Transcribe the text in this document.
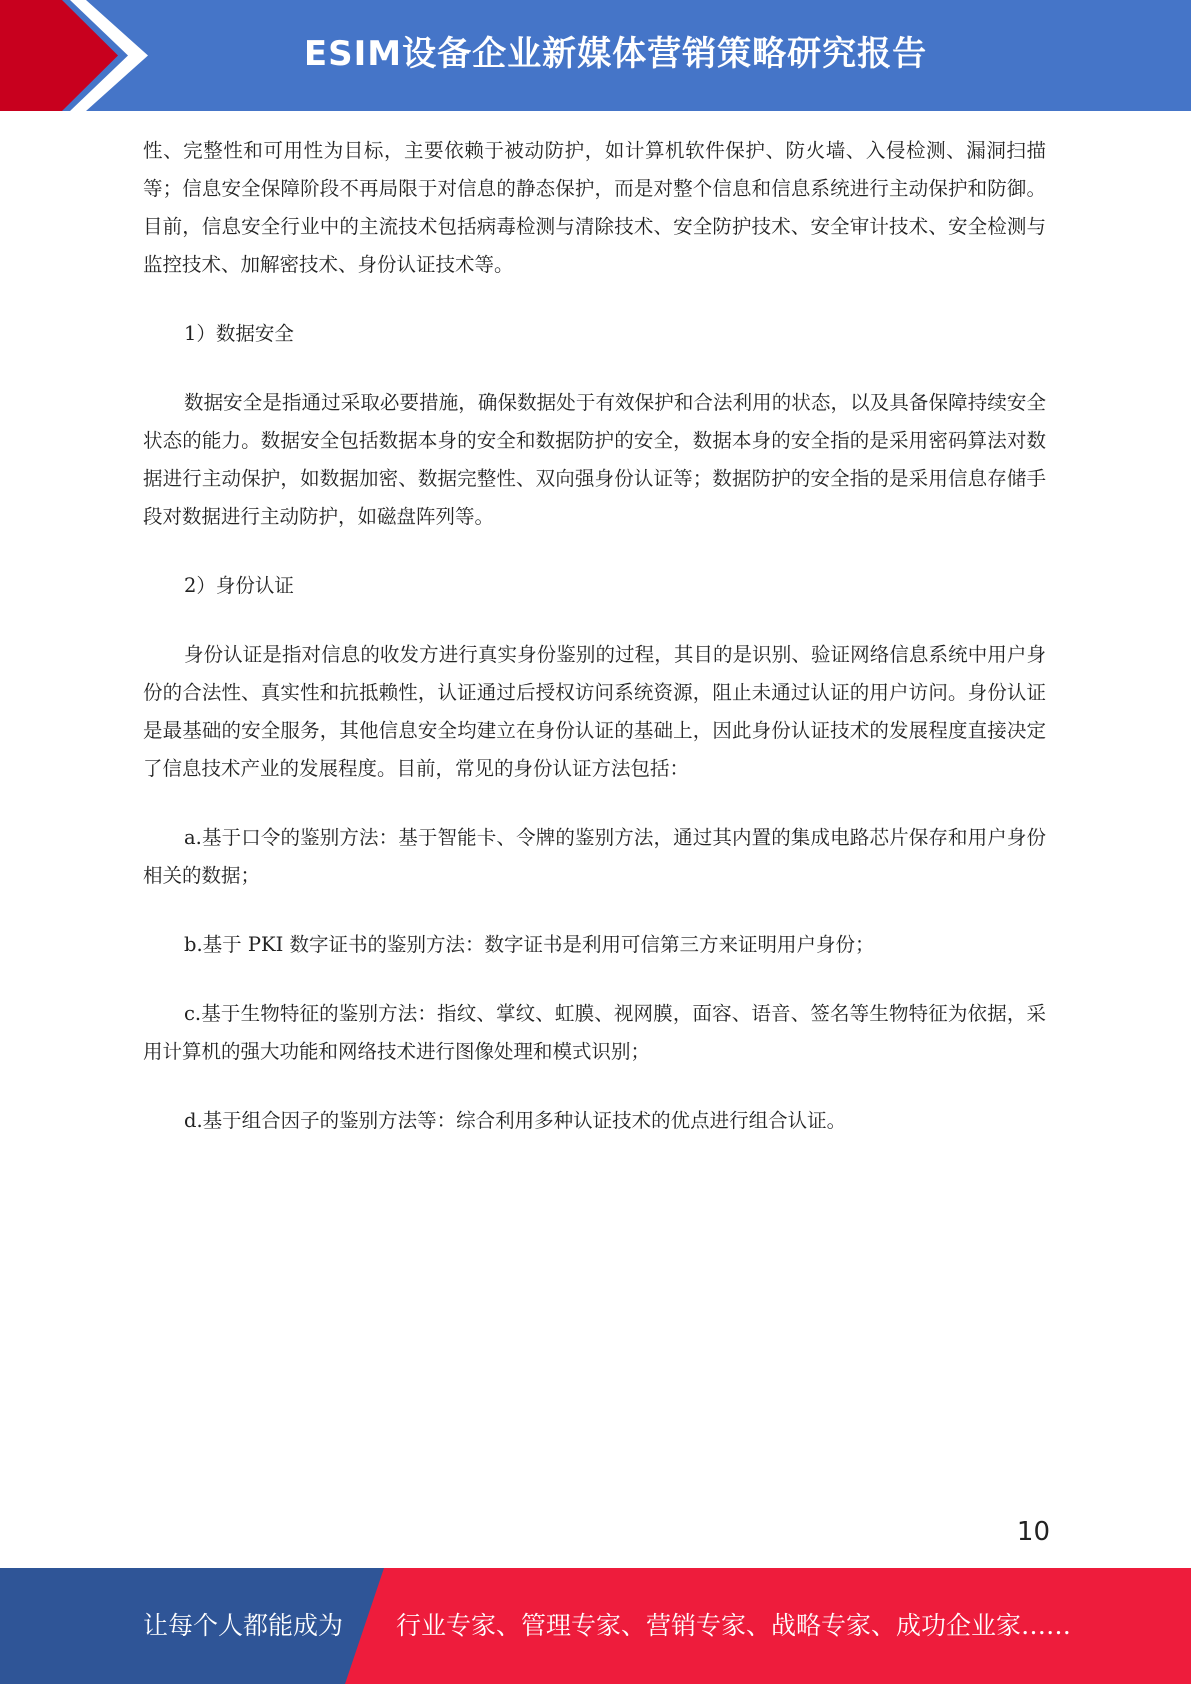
ESIM设备企业新媒体营销策略研究报告

性、完整性和可用性为目标，主要依赖于被动防护，如计算机软件保护、防火墙、入侵检测、漏洞扫描等；信息安全保障阶段不再局限于对信息的静态保护，而是对整个信息和信息系统进行主动保护和防御。目前，信息安全行业中的主流技术包括病毒检测与清除技术、安全防护技术、安全审计技术、安全检测与监控技术、加解密技术、身份认证技术等。

1）数据安全

数据安全是指通过采取必要措施，确保数据处于有效保护和合法利用的状态，以及具备保障持续安全状态的能力。数据安全包括数据本身的安全和数据防护的安全，数据本身的安全指的是采用密码算法对数据进行主动保护，如数据加密、数据完整性、双向强身份认证等；数据防护的安全指的是采用信息存储手段对数据进行主动防护，如磁盘阵列等。

2）身份认证

身份认证是指对信息的收发方进行真实身份鉴别的过程，其目的是识别、验证网络信息系统中用户身份的合法性、真实性和抗抵赖性，认证通过后授权访问系统资源，阻止未通过认证的用户访问。身份认证是最基础的安全服务，其他信息安全均建立在身份认证的基础上，因此身份认证技术的发展程度直接决定了信息技术产业的发展程度。目前，常见的身份认证方法包括：

a.基于口令的鉴别方法：基于智能卡、令牌的鉴别方法，通过其内置的集成电路芯片保存和用户身份相关的数据；

b.基于 PKI 数字证书的鉴别方法：数字证书是利用可信第三方来证明用户身份；

c.基于生物特征的鉴别方法：指纹、掌纹、虹膜、视网膜，面容、语音、签名等生物特征为依据，采用计算机的强大功能和网络技术进行图像处理和模式识别；

d.基于组合因子的鉴别方法等：综合利用多种认证技术的优点进行组合认证。

10
让每个人都能成为 行业专家、管理专家、营销专家、战略专家、成功企业家……
